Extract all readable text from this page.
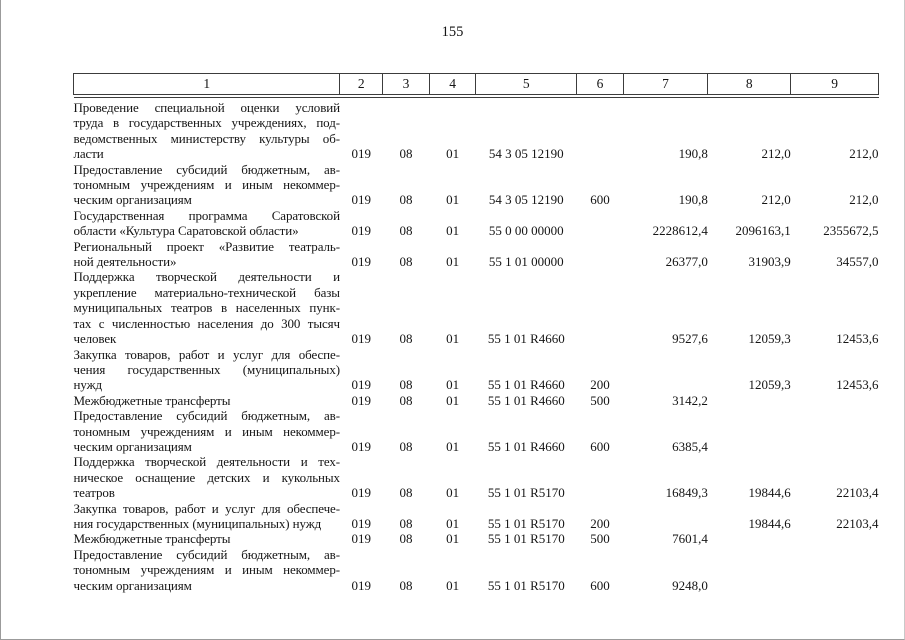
155
1	2	3	4	5	6	7	8	9

Проведение специальной оценки условий
труда в государственных учреждениях, под-
ведомственных министерству культуры об-
ласти	019	08	01	54 3 05 12190		190,8	212,0	212,0

Предоставление субсидий бюджетным, ав-
тономным учреждениям и иным некоммер-
ческим организациям	019	08	01	54 3 05 12190	600	190,8	212,0	212,0

Государственная программа Саратовской
области «Культура Саратовской области»	019	08	01	55 0 00 00000		2228612,4	2096163,1	2355672,5

Региональный проект «Развитие театраль-
ной деятельности»	019	08	01	55 1 01 00000		26377,0	31903,9	34557,0

Поддержка творческой деятельности и
укрепление материально-технической базы
муниципальных театров в населенных пунк-
тах с численностью населения до 300 тысяч
человек	019	08	01	55 1 01 R4660		9527,6	12059,3	12453,6

Закупка товаров, работ и услуг для обеспе-
чения государственных (муниципальных)
нужд	019	08	01	55 1 01 R4660	200		12059,3	12453,6

Межбюджетные трансферты	019	08	01	55 1 01 R4660	500	3142,2		

Предоставление субсидий бюджетным, ав-
тономным учреждениям и иным некоммер-
ческим организациям	019	08	01	55 1 01 R4660	600	6385,4		

Поддержка творческой деятельности и тех-
ническое оснащение детских и кукольных
театров	019	08	01	55 1 01 R5170		16849,3	19844,6	22103,4

Закупка товаров, работ и услуг для обеспече-
ния государственных (муниципальных) нужд	019	08	01	55 1 01 R5170	200		19844,6	22103,4

Межбюджетные трансферты	019	08	01	55 1 01 R5170	500	7601,4		

Предоставление субсидий бюджетным, ав-
тономным учреждениям и иным некоммер-
ческим организациям	019	08	01	55 1 01 R5170	600	9248,0		
